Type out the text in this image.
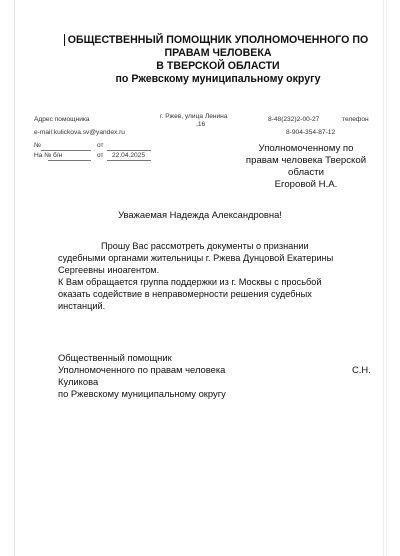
ОБЩЕСТВЕННЫЙ ПОМОЩНИК УПОЛНОМОЧЕННОГО ПО
ПРАВАМ ЧЕЛОВЕКА
В ТВЕРСКОЙ ОБЛАСТИ
по Ржевскому муниципальному округу
Адрес помощника	г. Ржев, улица Ленина
,16
8-48(232)2-00-27	телефон
e-mail:kulickova.sv@yandex.ru	8-904-354-87-12
№	от
На № б/н	от 22.04.2025
Уполномоченному по
правам человека Тверской
области
Егоровой Н.А.
Уважаемая Надежда Александровна!
Прошу Вас рассмотреть документы о признании
судебными органами жительницы г. Ржева Дунцовой Екатерины
Сергеевны иноагентом.
К Вам обращается группа поддержки из г. Москвы с просьбой
оказать содействие в неправомерности решения судебных
инстанций.
Общественный помощник
Уполномоченного по правам человека	С.Н.
Куликова
по Ржевскому муниципальному округу
